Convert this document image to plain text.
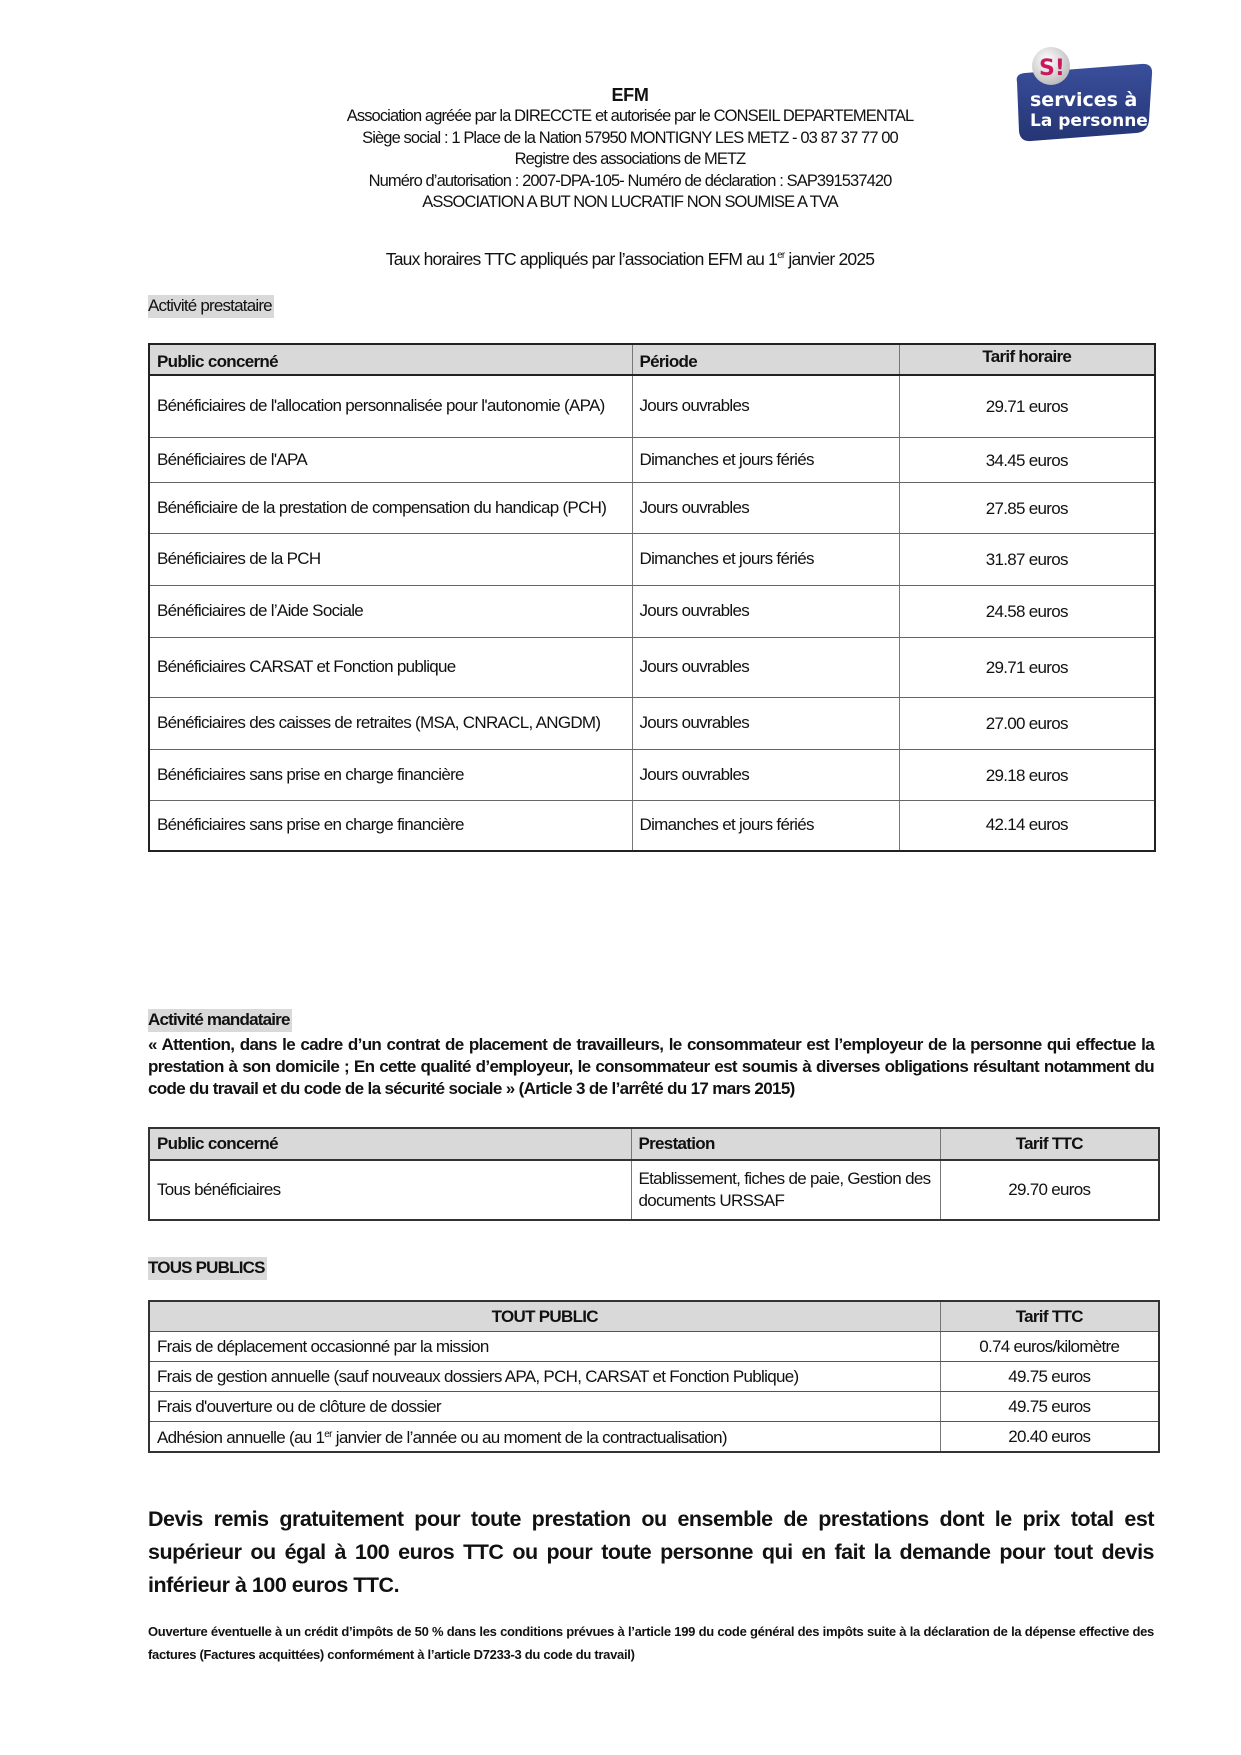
EFM
Association agréée par la DIRECCTE et autorisée par le CONSEIL DEPARTEMENTAL
Siège social : 1 Place de la Nation 57950 MONTIGNY LES METZ - 03 87 37 77 00
Registre des associations de METZ
Numéro d’autorisation : 2007-DPA-105- Numéro de déclaration : SAP391537420
ASSOCIATION A BUT NON LUCRATIF NON SOUMISE A TVA
Taux horaires TTC appliqués par l’association EFM au 1er janvier 2025
S!
services à
La personne
Activité prestataire
Public concerné	Période	Tarif horaire
Bénéficiaires de l'allocation personnalisée pour l'autonomie (APA)	Jours ouvrables	29.71 euros
Bénéficiaires de l'APA	Dimanches et jours fériés	34.45 euros
Bénéficiaire de la prestation de compensation du handicap (PCH)	Jours ouvrables	27.85 euros
Bénéficiaires de la PCH	Dimanches et jours fériés	31.87 euros
Bénéficiaires de l’Aide Sociale	Jours ouvrables	24.58 euros
Bénéficiaires CARSAT et Fonction publique	Jours ouvrables	29.71 euros
Bénéficiaires des caisses de retraites (MSA, CNRACL, ANGDM)	Jours ouvrables	27.00 euros
Bénéficiaires sans prise en charge financière	Jours ouvrables	29.18 euros
Bénéficiaires sans prise en charge financière	Dimanches et jours fériés	42.14 euros
Activité mandataire
« Attention, dans le cadre d’un contrat de placement de travailleurs, le consommateur est l’employeur de la personne qui effectue la prestation à son domicile ; En cette qualité d’employeur, le consommateur est soumis à diverses obligations résultant notamment du code du travail et du code de la sécurité sociale » (Article 3 de l’arrêté du 17 mars 2015)
Public concerné	Prestation	Tarif TTC
Tous bénéficiaires	Etablissement, fiches de paie, Gestion des documents URSSAF	29.70 euros
TOUS PUBLICS
TOUT PUBLIC	Tarif TTC
Frais de déplacement occasionné par la mission	0.74 euros/kilomètre
Frais de gestion annuelle (sauf nouveaux dossiers APA, PCH, CARSAT et Fonction Publique)	49.75 euros
Frais d'ouverture ou de clôture de dossier	49.75 euros
Adhésion annuelle (au 1er janvier de l’année ou au moment de la contractualisation)	20.40 euros
Devis remis gratuitement pour toute prestation ou ensemble de prestations dont le prix total est supérieur ou égal à 100 euros TTC ou pour toute personne qui en fait la demande pour tout devis inférieur à 100 euros TTC.
Ouverture éventuelle à un crédit d’impôts de 50 % dans les conditions prévues à l’article 199 du code général des impôts suite à la déclaration de la dépense effective des factures (Factures acquittées) conformément à l’article D7233-3 du code du travail)
